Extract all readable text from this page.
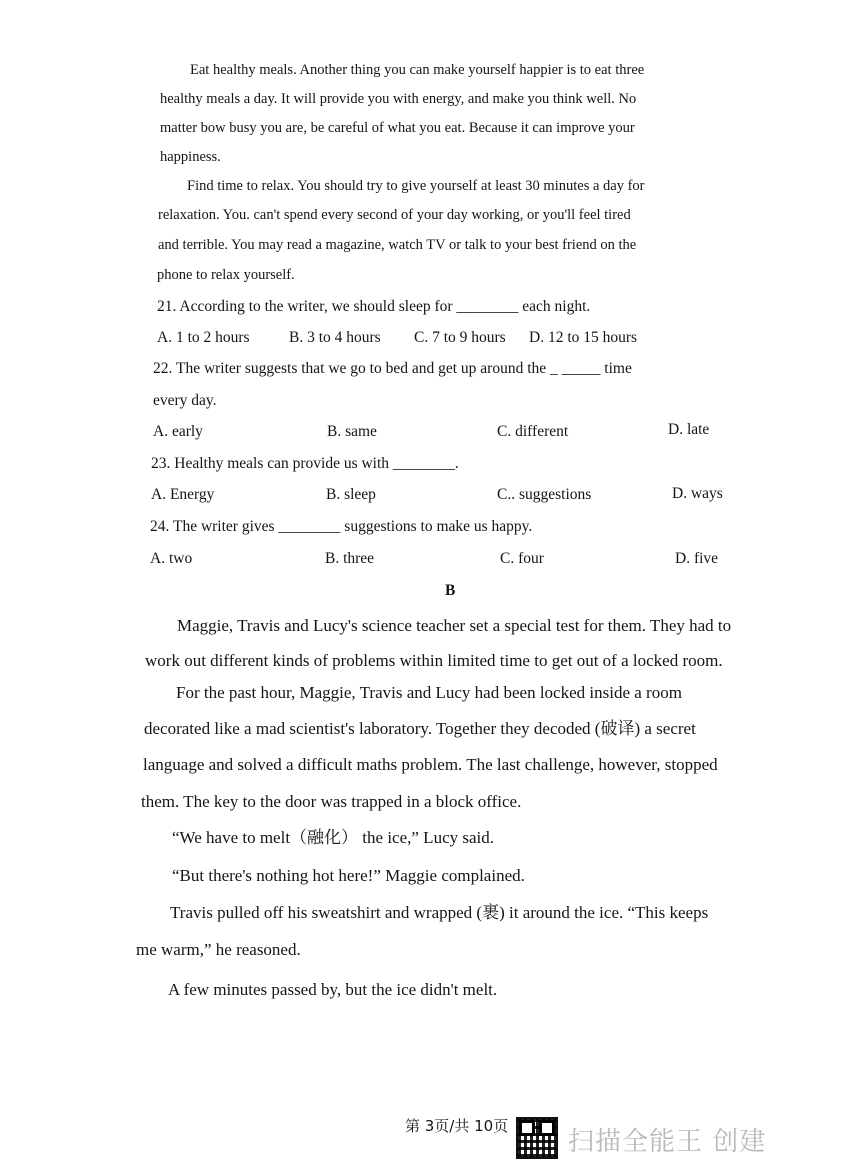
Eat healthy meals. Another thing you can make yourself happier is to eat three
healthy meals a day. It will provide you with energy, and make you think well. No
matter bow busy you are, be careful of what you eat. Because it can improve your
happiness.
Find time to relax. You should try to give yourself at least 30 minutes a day for
relaxation. You. can't spend every second of your day working, or you'll feel tired
and terrible. You may read a magazine, watch TV or talk to your best friend on the
phone to relax yourself.
21. According to the writer, we should sleep for ________ each night.
A. 1 to 2 hours	B. 3 to 4 hours C. 7 to 9 hours D. 12 to 15 hours
22. The writer suggests that we go to bed and get up around the _ _____ time
every day.
A. early	B. same	C. different	D. late
23. Healthy meals can provide us with ________.
A. Energy	B. sleep	C.. suggestions	D. ways
24. The writer gives ________ suggestions to make us happy.
A. two	B. three	C. four	D. five
B
Maggie, Travis and Lucy's science teacher set a special test for them. They had to
work out different kinds of problems within limited time to get out of a locked room.
For the past hour, Maggie, Travis and Lucy had been locked inside a room
decorated like a mad scientist's laboratory. Together they decoded (破译) a secret
language and solved a difficult maths problem. The last challenge, however, stopped
them. The key to the door was trapped in a block office.
“We have to melt（融化） the ice,” Lucy said.
“But there's nothing hot here!” Maggie complained.
Travis pulled off his sweatshirt and wrapped (裹) it around the ice. “This keeps
me warm,” he reasoned.
A few minutes passed by, but the ice didn't melt.
第 3页/共 10页
扫描全能王 创建
